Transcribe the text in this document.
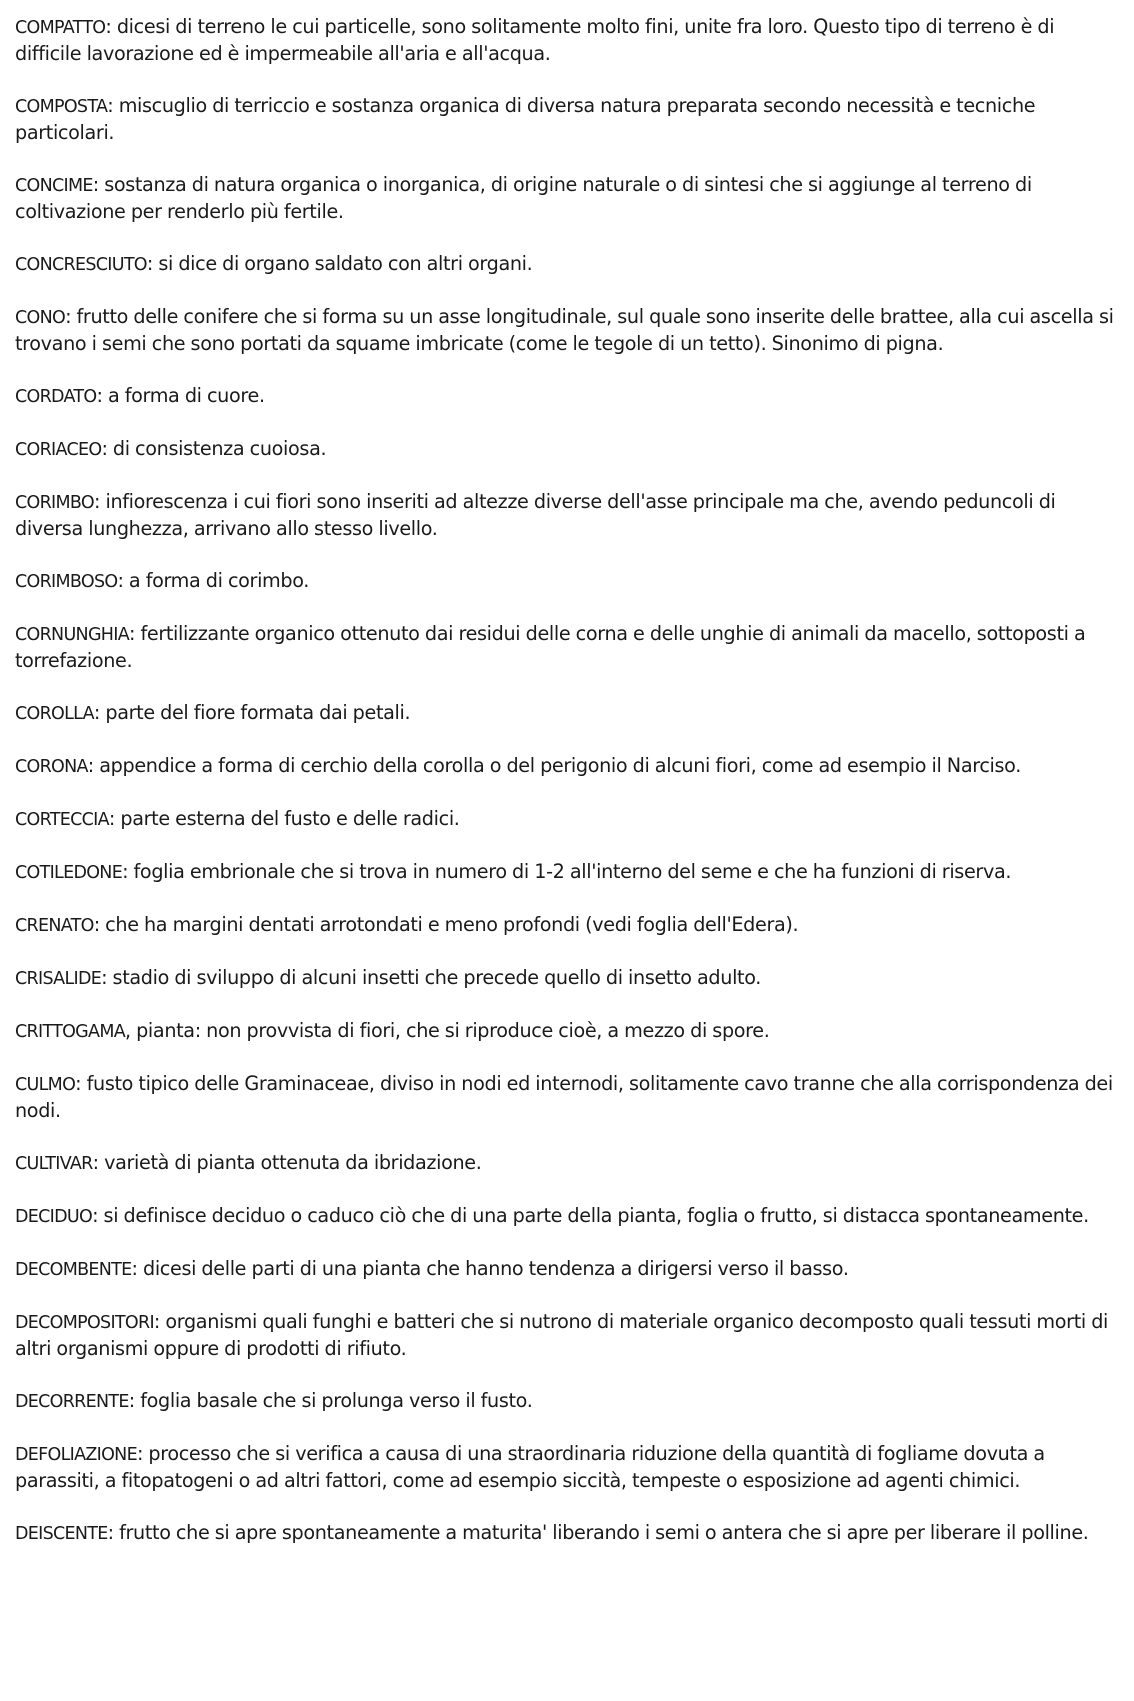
COMPATTO: dicesi di terreno le cui particelle, sono solitamente molto fini, unite fra loro. Questo tipo di terreno è di difficile lavorazione ed è impermeabile all'aria e all'acqua.

COMPOSTA: miscuglio di terriccio e sostanza organica di diversa natura preparata secondo necessità e tecniche particolari.

CONCIME: sostanza di natura organica o inorganica, di origine naturale o di sintesi che si aggiunge al terreno di coltivazione per renderlo più fertile.

CONCRESCIUTO: si dice di organo saldato con altri organi.

CONO: frutto delle conifere che si forma su un asse longitudinale, sul quale sono inserite delle brattee, alla cui ascella si trovano i semi che sono portati da squame imbricate (come le tegole di un tetto). Sinonimo di pigna.

CORDATO: a forma di cuore.

CORIACEO: di consistenza cuoiosa.

CORIMBO: infiorescenza i cui fiori sono inseriti ad altezze diverse dell'asse principale ma che, avendo peduncoli di diversa lunghezza, arrivano allo stesso livello.

CORIMBOSO: a forma di corimbo.

CORNUNGHIA: fertilizzante organico ottenuto dai residui delle corna e delle unghie di animali da macello, sottoposti a torrefazione.

COROLLA: parte del fiore formata dai petali.

CORONA: appendice a forma di cerchio della corolla o del perigonio di alcuni fiori, come ad esempio il Narciso.

CORTECCIA: parte esterna del fusto e delle radici.

COTILEDONE: foglia embrionale che si trova in numero di 1-2 all'interno del seme e che ha funzioni di riserva.

CRENATO: che ha margini dentati arrotondati e meno profondi (vedi foglia dell'Edera).

CRISALIDE: stadio di sviluppo di alcuni insetti che precede quello di insetto adulto.

CRITTOGAMA, pianta: non provvista di fiori, che si riproduce cioè, a mezzo di spore.

CULMO: fusto tipico delle Graminaceae, diviso in nodi ed internodi, solitamente cavo tranne che alla corrispondenza dei nodi.

CULTIVAR: varietà di pianta ottenuta da ibridazione.

DECIDUO: si definisce deciduo o caduco ciò che di una parte della pianta, foglia o frutto, si distacca spontaneamente.

DECOMBENTE: dicesi delle parti di una pianta che hanno tendenza a dirigersi verso il basso.

DECOMPOSITORI: organismi quali funghi e batteri che si nutrono di materiale organico decomposto quali tessuti morti di altri organismi oppure di prodotti di rifiuto.

DECORRENTE: foglia basale che si prolunga verso il fusto.

DEFOLIAZIONE: processo che si verifica a causa di una straordinaria riduzione della quantità di fogliame dovuta a parassiti, a fitopatogeni o ad altri fattori, come ad esempio siccità, tempeste o esposizione ad agenti chimici.

DEISCENTE: frutto che si apre spontaneamente a maturita' liberando i semi o antera che si apre per liberare il polline.
